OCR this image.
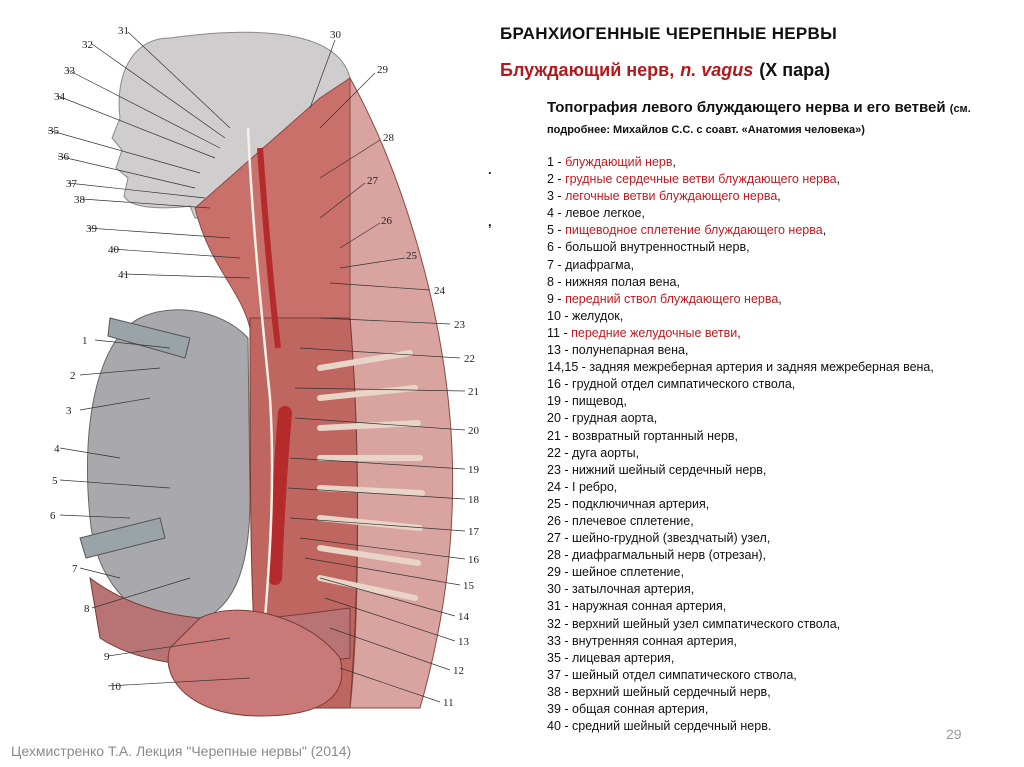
1
2
3
4
5
6
7
8
9
10
31
32
33
34
35
36
37
38
39
40
41
30
29
28
27
26
25
24
23
22
21
20
19
18
17
16
15
14
13
12
11
БРАНХИОГЕННЫЕ ЧЕРЕПНЫЕ НЕРВЫ
Блуждающий нерв, n. vagus (X пара)
Топография левого блуждающего нерва и его ветвей (см. подробнее: Михайлов С.С. с соавт. «Анатомия человека»)
.
,
1 - блуждающий нерв,
2 - грудные сердечные ветви блуждающего нерва,
3 - легочные ветви блуждающего нерва,
4 - левое легкое,
5 - пищеводное сплетение блуждающего нерва,
6 - большой внутренностный нерв,
7 - диафрагма,
8 - нижняя полая вена,
9 - передний ствол блуждающего нерва,
10 - желудок,
11 - передние желудочные ветви,
13 - полунепарная вена,
14,15 - задняя межреберная артерия и задняя межреберная вена,
16 - грудной отдел симпатического ствола,
19 - пищевод,
20 - грудная аорта,
21 - возвратный гортанный нерв,
22 - дуга аорты,
23 - нижний шейный сердечный нерв,
24 - I ребро,
25 - подключичная артерия,
26 - плечевое сплетение,
27 - шейно-грудной (звездчатый) узел,
28 - диафрагмальный нерв (отрезан),
29 - шейное сплетение,
30 - затылочная артерия,
31 - наружная сонная артерия,
32 - верхний шейный узел симпатического ствола,
33 - внутренняя сонная артерия,
35 - лицевая артерия,
37 - шейный отдел симпатического ствола,
38 - верхний шейный сердечный нерв,
39 - общая сонная артерия,
40 - средний шейный сердечный нерв.	29
Цехмистренко Т.А. Лекция "Черепные нервы" (2014)
